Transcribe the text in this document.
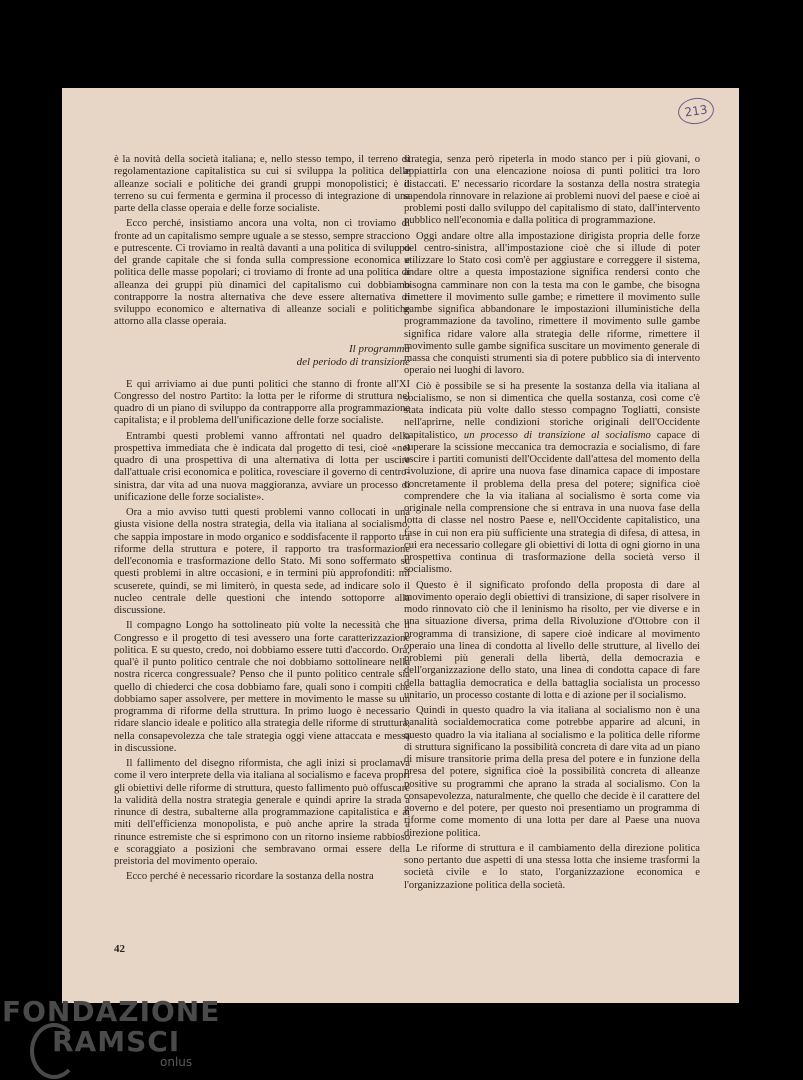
213

è la novità della società italiana; e, nello stesso tempo, il terreno di regolamentazione capitalistica su cui si sviluppa la politica delle alleanze sociali e politiche dei grandi gruppi monopolistici; è il terreno su cui fermenta e germina il processo di integrazione di una parte della classe operaia e delle forze socialiste.

Ecco perché, insistiamo ancora una volta, non ci troviamo di fronte ad un capitalismo sempre uguale a se stesso, sempre stracciono e putrescente. Ci troviamo in realtà davanti a una politica di sviluppo del grande capitale che si fonda sulla compressione economica e politica delle masse popolari; ci troviamo di fronte ad una politica di alleanza dei gruppi più dinamici del capitalismo cui dobbiamo contrapporre la nostra alternativa che deve essere alternativa di sviluppo economico e alternativa di alleanze sociali e politiche attorno alla classe operaia.

Il programma
del periodo di transizione

E qui arriviamo ai due punti politici che stanno di fronte all'XI Congresso del nostro Partito: la lotta per le riforme di struttura nel quadro di un piano di sviluppo da contrapporre alla programmazione capitalista; e il problema dell'unificazione delle forze socialiste.

Entrambi questi problemi vanno affrontati nel quadro della prospettiva immediata che è indicata dal progetto di tesi, cioè «nel quadro di una prospettiva di una alternativa di lotta per uscire dall'attuale crisi economica e politica, rovesciare il governo di centro-sinistra, dar vita ad una nuova maggioranza, avviare un processo di unificazione delle forze socialiste».

Ora a mio avviso tutti questi problemi vanno collocati in una giusta visione della nostra strategia, della via italiana al socialismo, che sappia impostare in modo organico e soddisfacente il rapporto tra riforme della struttura e potere, il rapporto tra trasformazione dell'economia e trasformazione dello Stato. Mi sono soffermato su questi problemi in altre occasioni, e in termini più approfonditi: mi scuserete, quindi, se mi limiterò, in questa sede, ad indicare solo il nucleo centrale delle questioni che intendo sottoporre alla discussione.

Il compagno Longo ha sottolineato più volte la necessità che il Congresso e il progetto di tesi avessero una forte caratterizzazione politica. E su questo, credo, noi dobbiamo essere tutti d'accordo. Ora, qual'è il punto politico centrale che noi dobbiamo sottolineare nella nostra ricerca congressuale? Penso che il punto politico centrale sia quello di chiederci che cosa dobbiamo fare, quali sono i compiti che dobbiamo saper assolvere, per mettere in movimento le masse su un programma di riforme della struttura. In primo luogo è necessario ridare slancio ideale e politico alla strategia delle riforme di struttura, nella consapevolezza che tale strategia oggi viene attaccata e messa in discussione.

Il fallimento del disegno riformista, che agli inizi si proclamava come il vero interprete della via italiana al socialismo e faceva propri gli obiettivi delle riforme di struttura, questo fallimento può offuscare la validità della nostra strategia generale e quindi aprire la strada a rinunce di destra, subalterne alla programmazione capitalistica e ai miti dell'efficienza monopolista, e può anche aprire la strada a rinunce estremiste che si esprimono con un ritorno insieme rabbioso e scoraggiato a posizioni che sembravano ormai essere della preistoria del movimento operaio.

Ecco perché è necessario ricordare la sostanza della nostra

strategia, senza però ripeterla in modo stanco per i più giovani, o appiattirla con una elencazione noiosa di punti politici tra loro distaccati. E' necessario ricordare la sostanza della nostra strategia sapendola rinnovare in relazione ai problemi nuovi del paese e cioè ai problemi posti dallo sviluppo del capitalismo di stato, dall'intervento pubblico nell'economia e dalla politica di programmazione.

Oggi andare oltre alla impostazione dirigista propria delle forze del centro-sinistra, all'impostazione cioè che si illude di poter utilizzare lo Stato così com'è per aggiustare e correggere il sistema, andare oltre a questa impostazione significa rendersi conto che bisogna camminare non con la testa ma con le gambe, che bisogna rimettere il movimento sulle gambe; e rimettere il movimento sulle gambe significa abbandonare le impostazioni illuministiche della programmazione da tavolino, rimettere il movimento sulle gambe significa ridare valore alla strategia delle riforme, rimettere il movimento sulle gambe significa suscitare un movimento generale di massa che conquisti strumenti sia di potere pubblico sia di intervento operaio nei luoghi di lavoro.

Ciò è possibile se si ha presente la sostanza della via italiana al socialismo, se non si dimentica che quella sostanza, così come c'è stata indicata più volte dallo stesso compagno Togliatti, consiste nell'aprirne, nelle condizioni storiche originali dell'Occidente capitalistico, un processo di transizione al socialismo capace di superare la scissione meccanica tra democrazia e socialismo, di fare uscire i partiti comunisti dell'Occidente dall'attesa del momento della rivoluzione, di aprire una nuova fase dinamica capace di impostare concretamente il problema della presa del potere; significa cioè comprendere che la via italiana al socialismo è sorta come via originale nella comprensione che si entrava in una nuova fase della lotta di classe nel nostro Paese e, nell'Occidente capitalistico, una fase in cui non era più sufficiente una strategia di difesa, di attesa, in cui era necessario collegare gli obiettivi di lotta di ogni giorno in una prospettiva continua di trasformazione della società verso il socialismo.

Questo è il significato profondo della proposta di dare al movimento operaio degli obiettivi di transizione, di saper risolvere in modo rinnovato ciò che il leninismo ha risolto, per vie diverse e in una situazione diversa, prima della Rivoluzione d'Ottobre con il programma di transizione, di sapere cioè indicare al movimento operaio una linea di condotta al livello delle strutture, al livello dei problemi più generali della libertà, della democrazia e dell'organizzazione dello stato, una linea di condotta capace di fare della battaglia democratica e della battaglia socialista un processo unitario, un processo costante di lotta e di azione per il socialismo.

Quindi in questo quadro la via italiana al socialismo non è una banalità socialdemocratica come potrebbe apparire ad alcuni, in questo quadro la via italiana al socialismo e la politica delle riforme di struttura significano la possibilità concreta di dare vita ad un piano di misure transitorie prima della presa del potere e in funzione della presa del potere, significa cioè la possibilità concreta di alleanze positive su programmi che aprano la strada al socialismo. Con la consapevolezza, naturalmente, che quello che decide è il carattere del governo e del potere, per questo noi presentiamo un programma di riforme come momento di una lotta per dare al Paese una nuova direzione politica.

Le riforme di struttura e il cambiamento della direzione politica sono pertanto due aspetti di una stessa lotta che insieme trasformi la società civile e lo stato, l'organizzazione economica e l'organizzazione politica della società.

42
FONDAZIONE
RAMSCI
onlus
